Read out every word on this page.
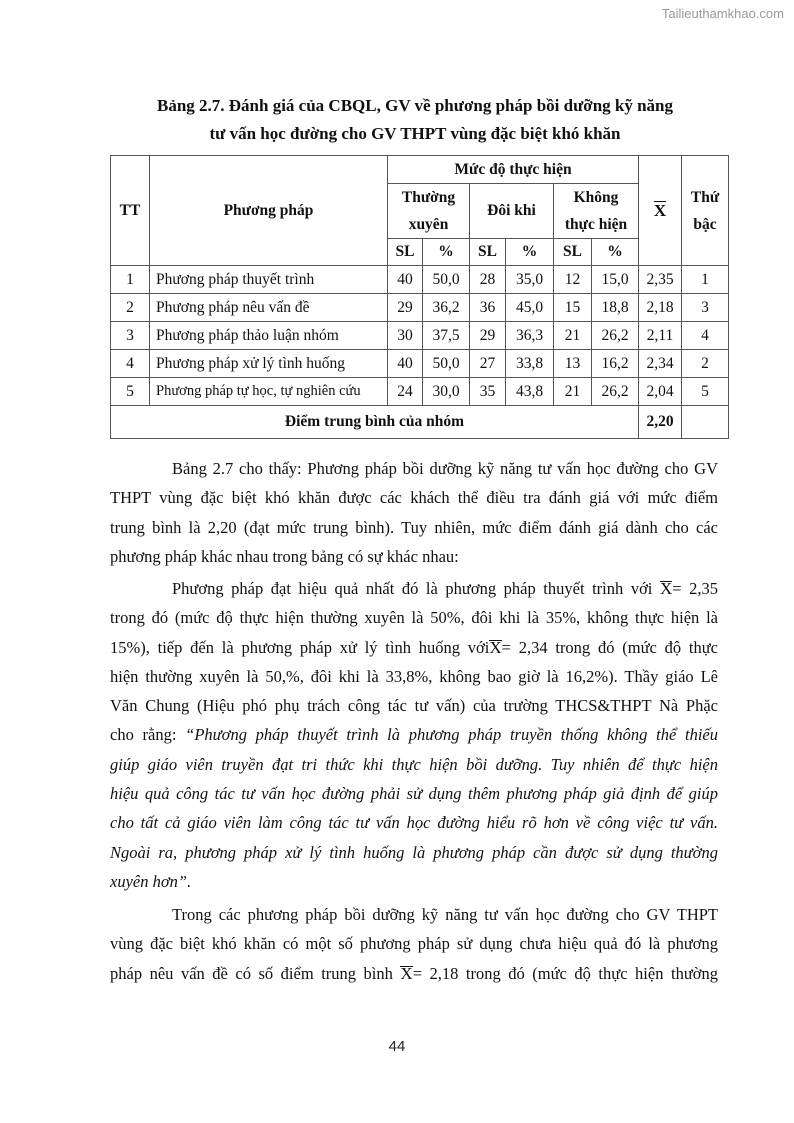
Tailieuthamkhao.com
Bảng 2.7. Đánh giá của CBQL, GV về phương pháp bồi dưỡng kỹ năng
tư vấn học đường cho GV THPT vùng đặc biệt khó khăn
TT	Phương pháp	Mức độ thực hiện						X	Thứ
bậc
		Thường
xuyên		Đôi khi		Không
thực hiện			
		SL	%	SL	%	SL	%		
1	Phương pháp thuyết trình	40	50,0	28	35,0	12	15,0	2,35	1
2	Phương pháp nêu vấn đề	29	36,2	36	45,0	15	18,8	2,18	3
3	Phương pháp thảo luận nhóm	30	37,5	29	36,3	21	26,2	2,11	4
4	Phương pháp xử lý tình huống	40	50,0	27	33,8	13	16,2	2,34	2
5	Phương pháp tự học, tự nghiên cứu	24	30,0	35	43,8	21	26,2	2,04	5
Điểm trung bình của nhóm								2,20	
Bảng 2.7 cho thấy: Phương pháp bồi dưỡng kỹ năng tư vấn học đường cho GV
THPT vùng đặc biệt khó khăn được các khách thể điều tra đánh giá với mức điểm
trung bình là 2,20 (đạt mức trung bình). Tuy nhiên, mức điểm đánh giá dành cho các
phương pháp khác nhau trong bảng có sự khác nhau:
Phương pháp đạt hiệu quả nhất đó là phương pháp thuyết trình với X= 2,35
trong đó (mức độ thực hiện thường xuyên là 50%, đôi khi là 35%, không thực hiện là
15%), tiếp đến là phương pháp xử lý tình huống vớiX= 2,34 trong đó (mức độ thực
hiện thường xuyên là 50,%, đôi khi là 33,8%, không bao giờ là 16,2%). Thầy giáo Lê
Văn Chung (Hiệu phó phụ trách công tác tư vấn) của trường THCS&THPT Nà Phặc
cho rằng: “Phương pháp thuyết trình là phương pháp truyền thống không thể thiếu
giúp giáo viên truyền đạt tri thức khi thực hiện bồi dưỡng. Tuy nhiên để thực hiện
hiệu quả công tác tư vấn học đường phải sử dụng thêm phương pháp giả định để giúp
cho tất cả giáo viên làm công tác tư vấn học đường hiểu rõ hơn về công việc tư vấn.
Ngoài ra, phương pháp xử lý tình huống là phương pháp cần được sử dụng thường
xuyên hơn”.
Trong các phương pháp bồi dưỡng kỹ năng tư vấn học đường cho GV THPT
vùng đặc biệt khó khăn có một số phương pháp sử dụng chưa hiệu quả đó là phương
pháp nêu vấn đề có số điểm trung bình X= 2,18 trong đó (mức độ thực hiện thường
44
